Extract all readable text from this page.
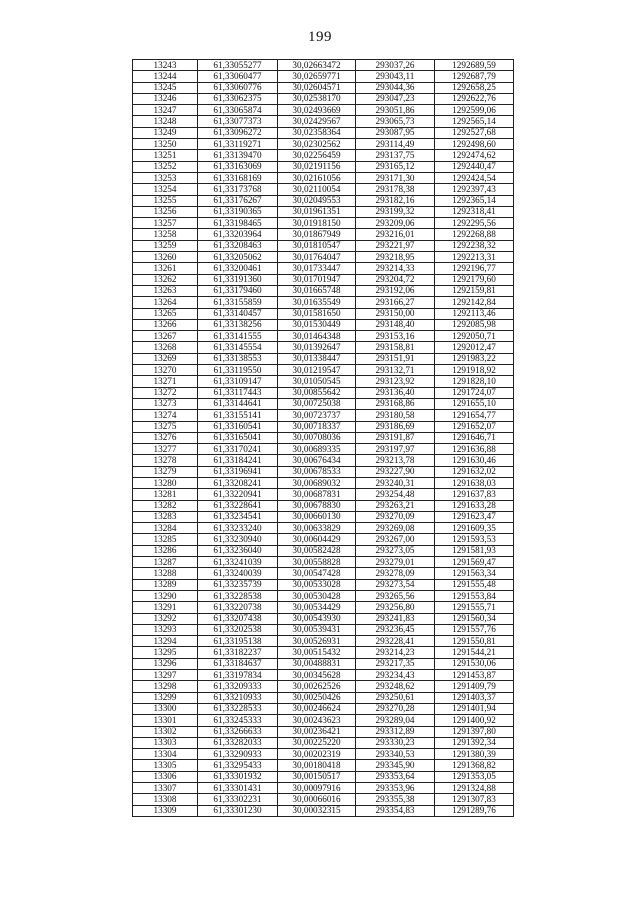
199
13243	61,33055277	30,02663472	293037,26	1292689,59
13244	61,33060477	30,02659771	293043,11	1292687,79
13245	61,33060776	30,02604571	293044,36	1292658,25
13246	61,33062375	30,02538170	293047,23	1292622,76
13247	61,33065874	30,02493669	293051,86	1292599,06
13248	61,33077373	30,02429567	293065,73	1292565,14
13249	61,33096272	30,02358364	293087,95	1292527,68
13250	61,33119271	30,02302562	293114,49	1292498,60
13251	61,33139470	30,02256459	293137,75	1292474,62
13252	61,33163069	30,02191156	293165,12	1292440,47
13253	61,33168169	30,02161056	293171,30	1292424,54
13254	61,33173768	30,02110054	293178,38	1292397,43
13255	61,33176267	30,02049553	293182,16	1292365,14
13256	61,33190365	30,01961351	293199,32	1292318,41
13257	61,33198465	30,01918150	293209,06	1292295,56
13258	61,33203964	30,01867949	293216,01	1292268,88
13259	61,33208463	30,01810547	293221,97	1292238,32
13260	61,33205062	30,01764047	293218,95	1292213,31
13261	61,33200461	30,01733447	293214,33	1292196,77
13262	61,33191360	30,01701947	293204,72	1292179,60
13263	61,33179460	30,01665748	293192,06	1292159,81
13264	61,33155859	30,01635549	293166,27	1292142,84
13265	61,33140457	30,01581650	293150,00	1292113,46
13266	61,33138256	30,01530449	293148,40	1292085,98
13267	61,33141555	30,01464348	293153,16	1292050,71
13268	61,33145554	30,01392647	293158,81	1292012,47
13269	61,33138553	30,01338447	293151,91	1291983,22
13270	61,33119550	30,01219547	293132,71	1291918,92
13271	61,33109147	30,01050545	293123,92	1291828,10
13272	61,33117443	30,00855642	293136,40	1291724,07
13273	61,33144641	30,00725038	293168,86	1291655,10
13274	61,33155141	30,00723737	293180,58	1291654,77
13275	61,33160541	30,00718337	293186,69	1291652,07
13276	61,33165041	30,00708036	293191,87	1291646,71
13277	61,33170241	30,00689335	293197,97	1291636,88
13278	61,33184241	30,00676434	293213,78	1291630,46
13279	61,33196941	30,00678533	293227,90	1291632,02
13280	61,33208241	30,00689032	293240,31	1291638,03
13281	61,33220941	30,00687831	293254,48	1291637,83
13282	61,33228641	30,00678830	293263,21	1291633,28
13283	61,33234541	30,00660130	293270,09	1291623,47
13284	61,33233240	30,00633829	293269,08	1291609,35
13285	61,33230940	30,00604429	293267,00	1291593,53
13286	61,33236040	30,00582428	293273,05	1291581,93
13287	61,33241039	30,00558828	293279,01	1291569,47
13288	61,33240039	30,00547428	293278,09	1291563,34
13289	61,33235739	30,00533028	293273,54	1291555,48
13290	61,33228538	30,00530428	293265,56	1291553,84
13291	61,33220738	30,00534429	293256,80	1291555,71
13292	61,33207438	30,00543930	293241,83	1291560,34
13293	61,33202538	30,00539431	293236,45	1291557,76
13294	61,33195138	30,00526931	293228,41	1291550,81
13295	61,33182237	30,00515432	293214,23	1291544,21
13296	61,33184637	30,00488831	293217,35	1291530,06
13297	61,33197834	30,00345628	293234,43	1291453,87
13298	61,33209333	30,00262526	293248,62	1291409,79
13299	61,33210933	30,00250426	293250,61	1291403,37
13300	61,33228533	30,00246624	293270,28	1291401,94
13301	61,33245333	30,00243623	293289,04	1291400,92
13302	61,33266633	30,00236421	293312,89	1291397,80
13303	61,33282033	30,00225220	293330,23	1291392,34
13304	61,33290933	30,00202319	293340,53	1291380,39
13305	61,33295433	30,00180418	293345,90	1291368,82
13306	61,33301932	30,00150517	293353,64	1291353,05
13307	61,33301431	30,00097916	293353,96	1291324,88
13308	61,33302231	30,00066016	293355,38	1291307,83
13309	61,33301230	30,00032315	293354,83	1291289,76
